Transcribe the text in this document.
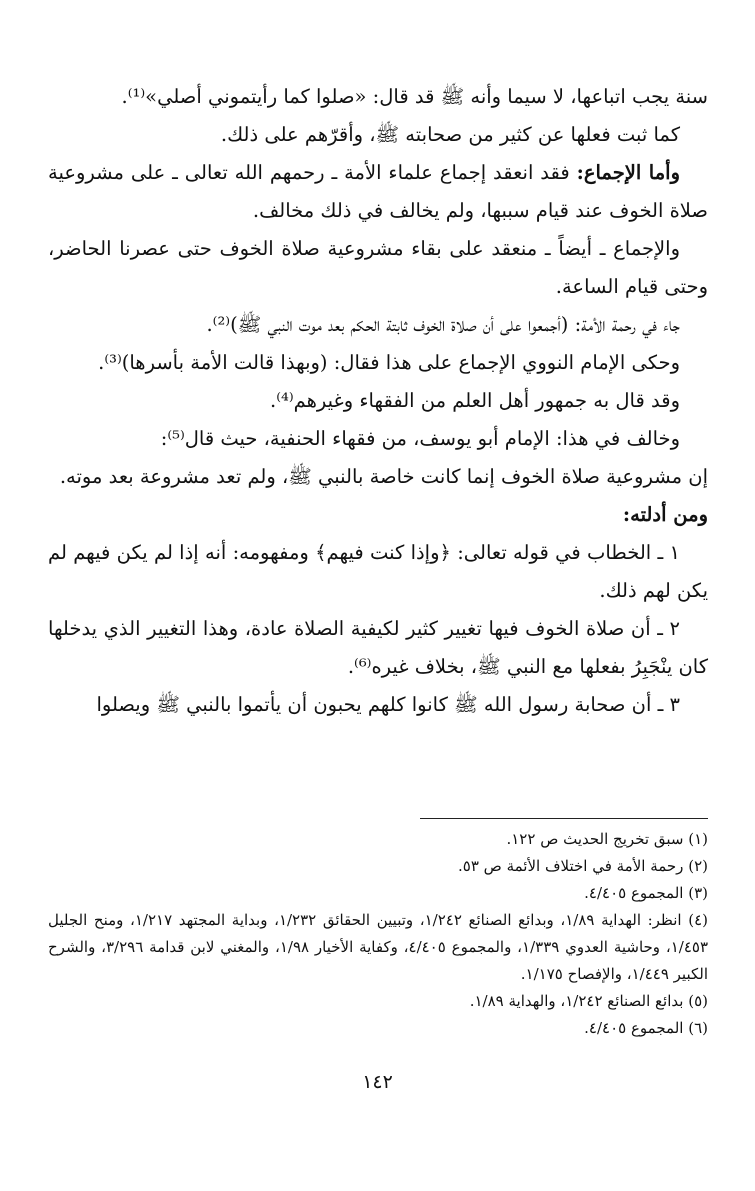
سنة يجب اتباعها، لا سيما وأنه ﷺ قد قال: «صلوا كما رأيتموني أصلي»⁽¹⁾.

كما ثبت فعلها عن كثير من صحابته ﷺ، وأقرّهم على ذلك.

وأما الإجماع: فقد انعقد إجماع علماء الأمة ـ رحمهم الله تعالى ـ على مشروعية صلاة الخوف عند قيام سببها، ولم يخالف في ذلك مخالف.

والإجماع ـ أيضاً ـ منعقد على بقاء مشروعية صلاة الخوف حتى عصرنا الحاضر، وحتى قيام الساعة.

جاء في رحمة الأمة: (أجمعوا على أن صلاة الخوف ثابتة الحكم بعد موت النبي ﷺ)⁽²⁾.

وحكى الإمام النووي الإجماع على هذا فقال: (وبهذا قالت الأمة بأسرها)⁽³⁾.

وقد قال به جمهور أهل العلم من الفقهاء وغيرهم⁽⁴⁾.

وخالف في هذا: الإمام أبو يوسف، من فقهاء الحنفية، حيث قال⁽⁵⁾:

إن مشروعية صلاة الخوف إنما كانت خاصة بالنبي ﷺ، ولم تعد مشروعة بعد موته.

ومن أدلته:

١ ـ الخطاب في قوله تعالى: ﴿وإذا كنت فيهم﴾ ومفهومه: أنه إذا لم يكن فيهم لم يكن لهم ذلك.

٢ ـ أن صلاة الخوف فيها تغيير كثير لكيفية الصلاة عادة، وهذا التغيير الذي يدخلها كان ينْجَبِرُ بفعلها مع النبي ﷺ، بخلاف غيره⁽⁶⁾.

٣ ـ أن صحابة رسول الله ﷺ كانوا كلهم يحبون أن يأتموا بالنبي ﷺ ويصلوا

(١) سبق تخريج الحديث ص ١٢٢.

(٢) رحمة الأمة في اختلاف الأئمة ص ٥٣.

(٣) المجموع ٤/٤٠٥.

(٤) انظر: الهداية ١/٨٩، وبدائع الصنائع ١/٢٤٢، وتبيين الحقائق ١/٢٣٢، وبداية المجتهد ١/٢١٧، ومنح الجليل ١/٤٥٣، وحاشية العدوي ١/٣٣٩، والمجموع ٤/٤٠٥، وكفاية الأخيار ١/٩٨، والمغني لابن قدامة ٣/٢٩٦، والشرح الكبير ١/٤٤٩، والإفصاح ١/١٧٥.

(٥) بدائع الصنائع ١/٢٤٢، والهداية ١/٨٩.

(٦) المجموع ٤/٤٠٥.

١٤٢
